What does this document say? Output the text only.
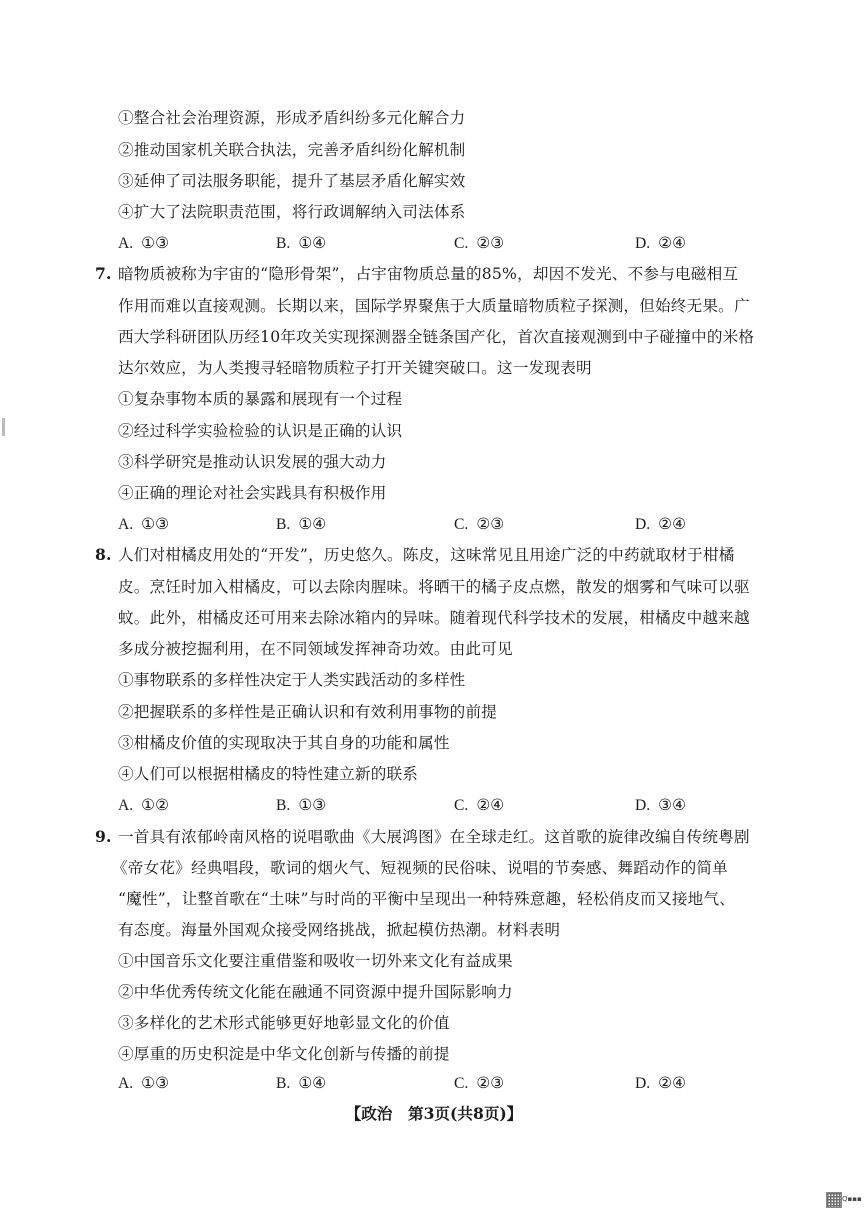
①整合社会治理资源，形成矛盾纠纷多元化解合力
②推动国家机关联合执法，完善矛盾纠纷化解机制
③延伸了司法服务职能，提升了基层矛盾化解实效
④扩大了法院职责范围，将行政调解纳入司法体系
A. ①③	B. ①④	C. ②③	D. ②④
7. 暗物质被称为宇宙的“隐形骨架”，占宇宙物质总量的85%，却因不发光、不参与电磁相互
作用而难以直接观测。长期以来，国际学界聚焦于大质量暗物质粒子探测，但始终无果。广
西大学科研团队历经10年攻关实现探测器全链条国产化，首次直接观测到中子碰撞中的米格
达尔效应，为人类搜寻轻暗物质粒子打开关键突破口。这一发现表明
①复杂事物本质的暴露和展现有一个过程
②经过科学实验检验的认识是正确的认识
③科学研究是推动认识发展的强大动力
④正确的理论对社会实践具有积极作用
A. ①③	B. ①④	C. ②③	D. ②④
8. 人们对柑橘皮用处的“开发”，历史悠久。陈皮，这味常见且用途广泛的中药就取材于柑橘
皮。烹饪时加入柑橘皮，可以去除肉腥味。将晒干的橘子皮点燃，散发的烟雾和气味可以驱
蚊。此外，柑橘皮还可用来去除冰箱内的异味。随着现代科学技术的发展，柑橘皮中越来越
多成分被挖掘利用，在不同领域发挥神奇功效。由此可见
①事物联系的多样性决定于人类实践活动的多样性
②把握联系的多样性是正确认识和有效利用事物的前提
③柑橘皮价值的实现取决于其自身的功能和属性
④人们可以根据柑橘皮的特性建立新的联系
A. ①②	B. ①③	C. ②④	D. ③④
9. 一首具有浓郁岭南风格的说唱歌曲《大展鸿图》在全球走红。这首歌的旋律改编自传统粤剧
《帝女花》经典唱段，歌词的烟火气、短视频的民俗味、说唱的节奏感、舞蹈动作的简单
“魔性”，让整首歌在“土味”与时尚的平衡中呈现出一种特殊意趣，轻松俏皮而又接地气、
有态度。海量外国观众接受网络挑战，掀起模仿热潮。材料表明
①中国音乐文化要注重借鉴和吸收一切外来文化有益成果
②中华优秀传统文化能在融通不同资源中提升国际影响力
③多样化的艺术形式能够更好地彰显文化的价值
④厚重的历史积淀是中华文化创新与传播的前提
A. ①③	B. ①④	C. ②③	D. ②④
【政治　第3页(共8页)】
Q▪▪▪
